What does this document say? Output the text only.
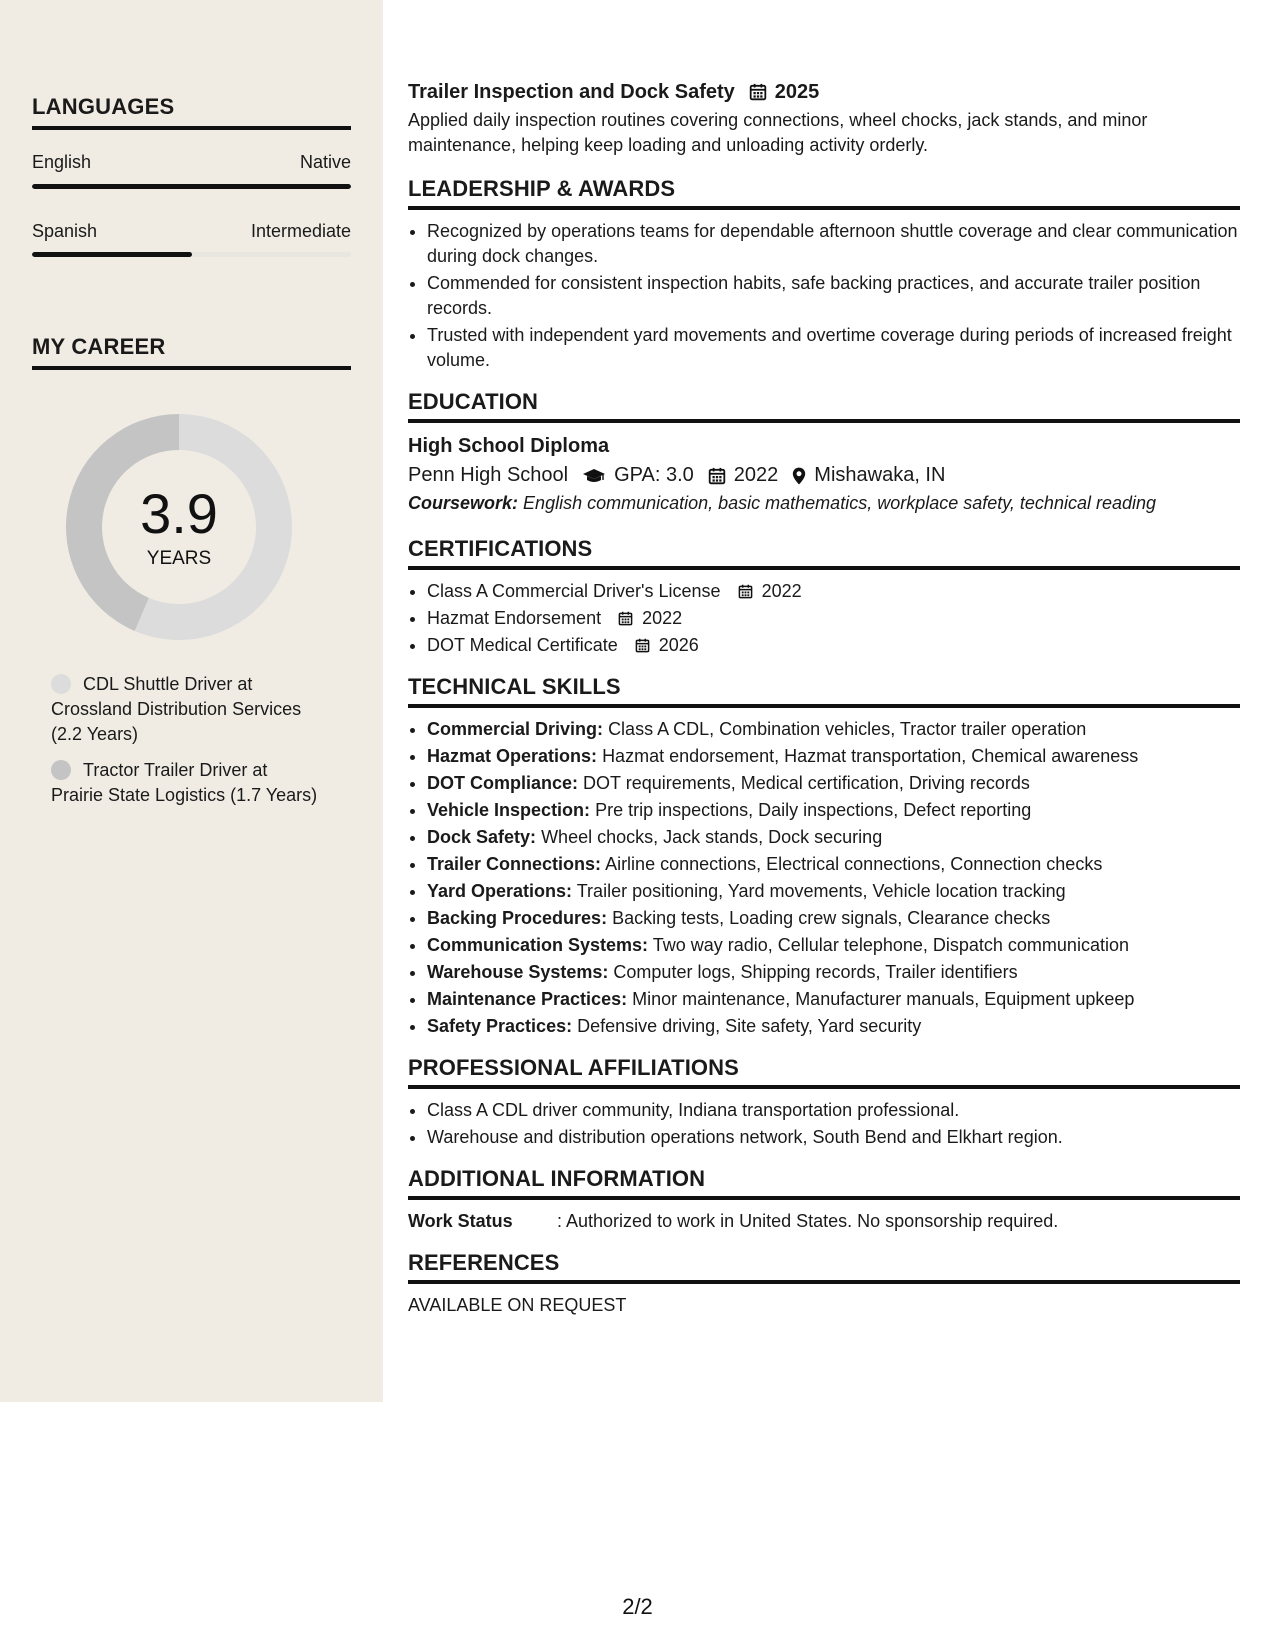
LANGUAGES
English	Native
Spanish	Intermediate
MY CAREER
3.9
YEARS
CDL Shuttle Driver at Crossland Distribution Services (2.2 Years)
Tractor Trailer Driver at Prairie State Logistics (1.7 Years)
Trailer Inspection and Dock Safety 2025

Applied daily inspection routines covering connections, wheel chocks, jack stands, and minor maintenance, helping keep loading and unloading activity orderly.

LEADERSHIP & AWARDS
• Recognized by operations teams for dependable afternoon shuttle coverage and clear communication during dock changes.
• Commended for consistent inspection habits, safe backing practices, and accurate trailer position records.
• Trusted with independent yard movements and overtime coverage during periods of increased freight volume.
EDUCATION
High School Diploma
Penn High School GPA: 3.0 2022 Mishawaka, IN

Coursework: English communication, basic mathematics, workplace safety, technical reading

CERTIFICATIONS
• Class A Commercial Driver's License 2022
• Hazmat Endorsement 2022
• DOT Medical Certificate 2026
TECHNICAL SKILLS
• Commercial Driving: Class A CDL, Combination vehicles, Tractor trailer operation
• Hazmat Operations: Hazmat endorsement, Hazmat transportation, Chemical awareness
• DOT Compliance: DOT requirements, Medical certification, Driving records
• Vehicle Inspection: Pre trip inspections, Daily inspections, Defect reporting
• Dock Safety: Wheel chocks, Jack stands, Dock securing
• Trailer Connections: Airline connections, Electrical connections, Connection checks
• Yard Operations: Trailer positioning, Yard movements, Vehicle location tracking
• Backing Procedures: Backing tests, Loading crew signals, Clearance checks
• Communication Systems: Two way radio, Cellular telephone, Dispatch communication
• Warehouse Systems: Computer logs, Shipping records, Trailer identifiers
• Maintenance Practices: Minor maintenance, Manufacturer manuals, Equipment upkeep
• Safety Practices: Defensive driving, Site safety, Yard security
PROFESSIONAL AFFILIATIONS
• Class A CDL driver community, Indiana transportation professional.
• Warehouse and distribution operations network, South Bend and Elkhart region.
ADDITIONAL INFORMATION
Work Status	: Authorized to work in United States. No sponsorship required.
REFERENCES

AVAILABLE ON REQUEST

2/2
